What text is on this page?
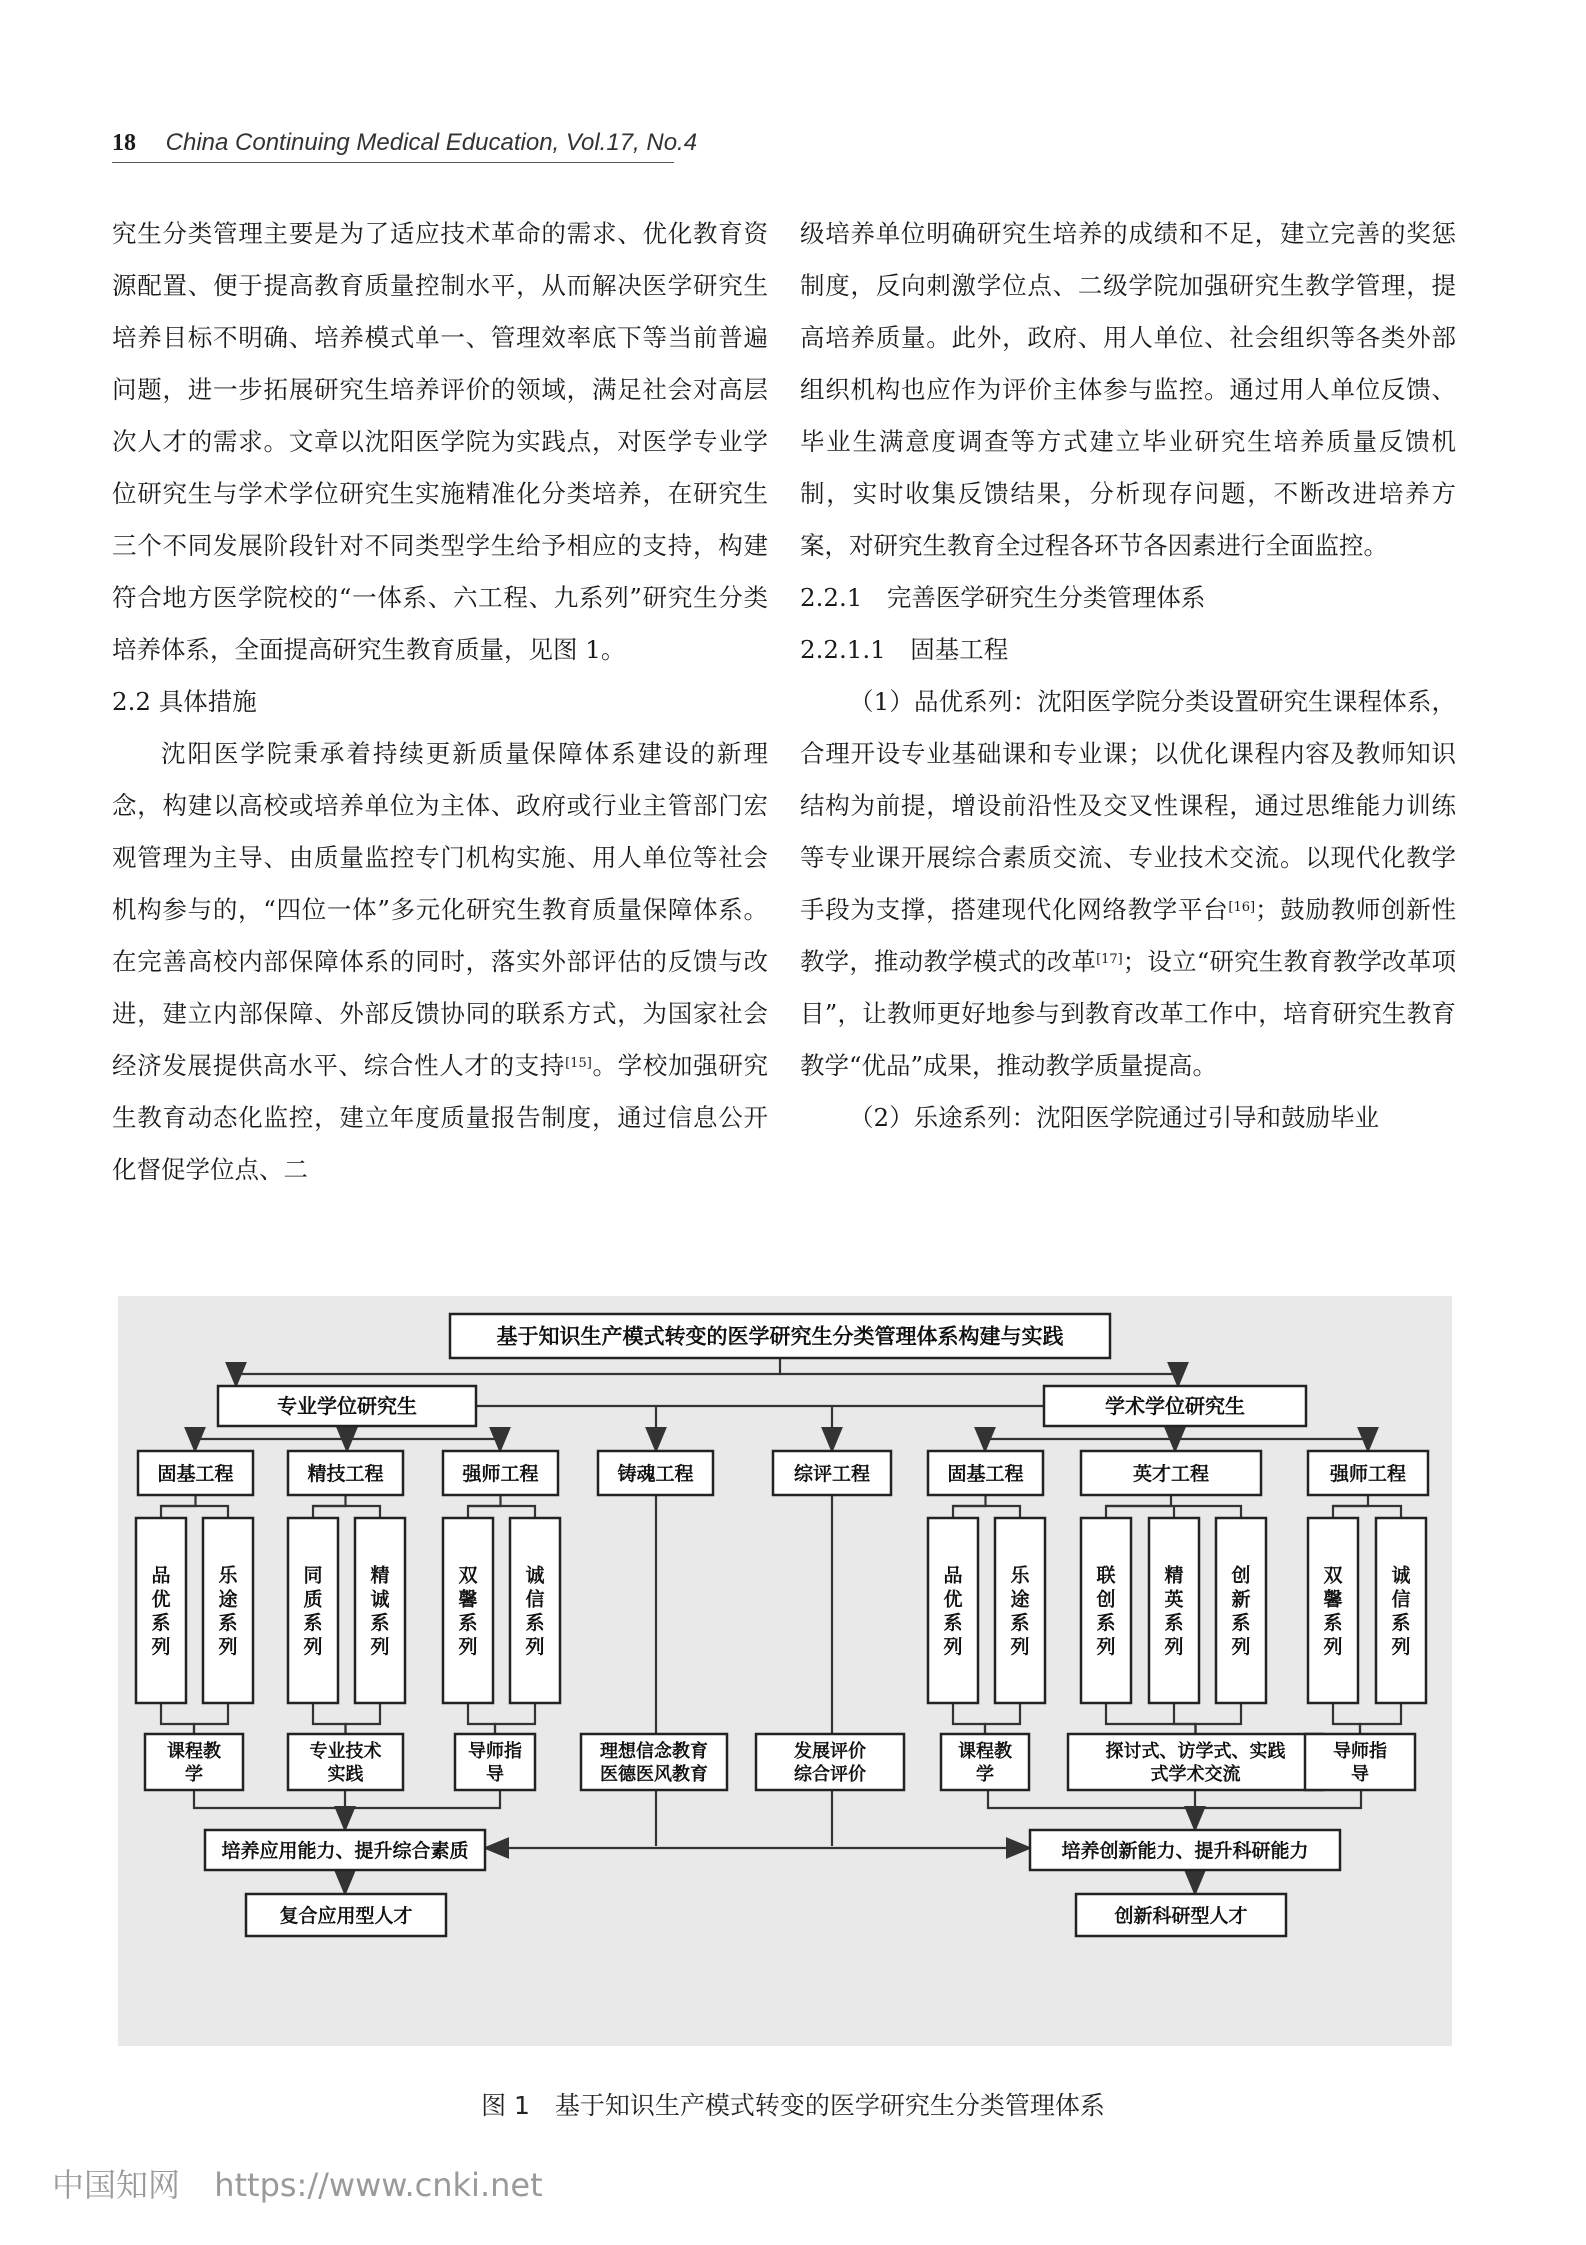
18 China Continuing Medical Education, Vol.17, No.4

究生分类管理主要是为了适应技术革命的需求、优化教育资源配置、便于提高教育质量控制水平，从而解决医学研究生培养目标不明确、培养模式单一、管理效率底下等当前普遍问题，进一步拓展研究生培养评价的领域，满足社会对高层次人才的需求。文章以沈阳医学院为实践点，对医学专业学位研究生与学术学位研究生实施精准化分类培养，在研究生三个不同发展阶段针对不同类型学生给予相应的支持，构建符合地方医学院校的“一体系、六工程、九系列”研究生分类培养体系，全面提高研究生教育质量，见图 1。

2.2 具体措施

沈阳医学院秉承着持续更新质量保障体系建设的新理念，构建以高校或培养单位为主体、政府或行业主管部门宏观管理为主导、由质量监控专门机构实施、用人单位等社会机构参与的，“四位一体”多元化研究生教育质量保障体系。在完善高校内部保障体系的同时，落实外部评估的反馈与改进，建立内部保障、外部反馈协同的联系方式，为国家社会经济发展提供高水平、综合性人才的支持[15]。学校加强研究生教育动态化监控，建立年度质量报告制度，通过信息公开化督促学位点、二

级培养单位明确研究生培养的成绩和不足，建立完善的奖惩制度，反向刺激学位点、二级学院加强研究生教学管理，提高培养质量。此外，政府、用人单位、社会组织等各类外部组织机构也应作为评价主体参与监控。通过用人单位反馈、毕业生满意度调查等方式建立毕业研究生培养质量反馈机制，实时收集反馈结果，分析现存问题，不断改进培养方案，对研究生教育全过程各环节各因素进行全面监控。

2.2.1　完善医学研究生分类管理体系

2.2.1.1　固基工程

（1）品优系列：沈阳医学院分类设置研究生课程体系，合理开设专业基础课和专业课；以优化课程内容及教师知识结构为前提，增设前沿性及交叉性课程，通过思维能力训练等专业课开展综合素质交流、专业技术交流。以现代化教学手段为支撑，搭建现代化网络教学平台[16]；鼓励教师创新性教学，推动教学模式的改革[17]；设立“研究生教育教学改革项目”，让教师更好地参与到教育改革工作中，培育研究生教育教学“优品”成果，推动教学质量提高。

（2）乐途系列：沈阳医学院通过引导和鼓励毕业

基于知识生产模式转变的医学研究生分类管理体系构建与实践
专业学位研究生	学术学位研究生
固基工程	精技工程	强师工程	铸魂工程	综评工程	固基工程	英才工程	强师工程
品
优
系
列
乐
途
系
列
同
质
系
列
精
诚
系
列
双
馨
系
列
诚
信
系
列
品
优
系
列
乐
途
系
列
联
创
系
列
精
英
系
列
创
新
系
列
双
馨
系
列
诚
信
系
列
课程教
学
专业技术
实践
导师指
导
理想信念教育
医德医风教育
发展评价
综合评价
课程教
学
探讨式、访学式、实践
式学术交流
导师指
导
培养应用能力、提升综合素质	培养创新能力、提升科研能力
复合应用型人才	创新科研型人才
图 1　基于知识生产模式转变的医学研究生分类管理体系
中国知网 https://www.cnki.net
